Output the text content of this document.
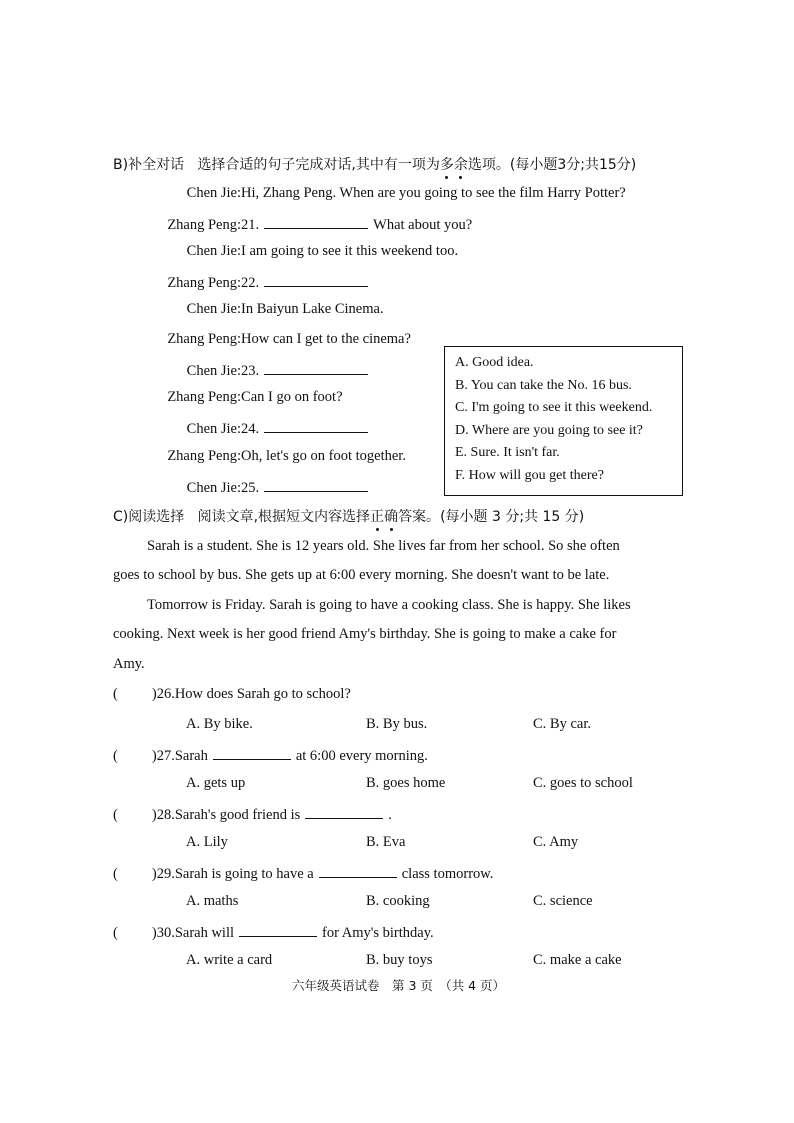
B)补全对话 选择合适的句子完成对话,其中有一项为多余选项。(每小题3分;共15分)
Chen Jie:Hi, Zhang Peng. When are you going to see the film Harry Potter?
Zhang Peng:21.	What about you?
Chen Jie:I am going to see it this weekend too.
Zhang Peng:22.
Chen Jie:In Baiyun Lake Cinema.
Zhang Peng:How can I get to the cinema?
Chen Jie:23.
Zhang Peng:Can I go on foot?
Chen Jie:24.
Zhang Peng:Oh, let's go on foot together.
Chen Jie:25.
A. Good idea.
B. You can take the No. 16 bus.
C. I'm going to see it this weekend.
D. Where are you going to see it?
E. Sure. It isn't far.
F. How will gou get there?
C)阅读选择 阅读文章,根据短文内容选择正确答案。(每小题 3 分;共 15 分)
Sarah is a student. She is 12 years old. She lives far from her school. So she often
goes to school by bus. She gets up at 6:00 every morning. She doesn't want to be late.
Tomorrow is Friday. Sarah is going to have a cooking class. She is happy. She likes
cooking. Next week is her good friend Amy's birthday. She is going to make a cake for
Amy.
( )26.How does Sarah go to school?
A. By bike.	B. By bus.	C. By car.
( )27.Sarah	at 6:00 every morning.
A. gets up	B. goes home	C. goes to school
( )28.Sarah's good friend is	.
A. Lily	B. Eva	C. Amy
( )29.Sarah is going to have a	class tomorrow.
A. maths	B. cooking	C. science
( )30.Sarah will	for Amy's birthday.
A. write a card	B. buy toys	C. make a cake
六年级英语试卷　第 3 页　（共 4 页）
